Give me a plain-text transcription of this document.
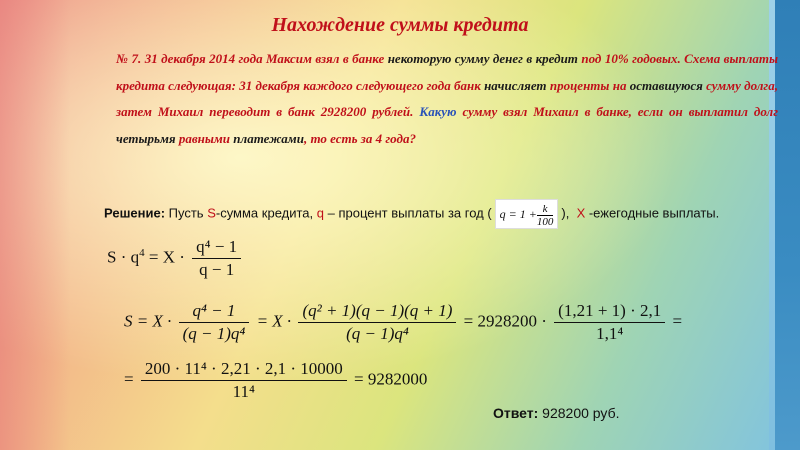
Нахождение суммы кредита
№ 7. 31 декабря 2014 года Максим взял в банке некоторую сумму денег в кредит под 10% годовых. Схема выплаты кредита следующая: 31 декабря каждого следующего года банк начисляет проценты на оставшуюся сумму долга, затем Михаил переводит в банк 2928200 рублей. Какую сумму взял Михаил в банке, если он выплатил долг четырьмя равными платежами, то есть за 4 года?
Решение: Пусть S-сумма кредита, q – процент выплаты за год ( $q = 1 + \frac{k}{100}$ ), X -ежегодные выплаты.
$S \cdot q^4 = X \cdot \frac{\text{q⁴ − 1}}{q - 1}$
$S = X \cdot \frac{\text{q⁴ − 1}}{\text{(q − 1)q⁴}} = X \cdot \frac{\text{(q² + 1)(q − 1)(q + 1)}}{\text{(q − 1)q⁴}} = 2928200 \cdot \frac{(1,21 + 1) \cdot 2,1}{\text{1,1⁴}}$ =
= $\frac{\text{200 · 11⁴ · 2,21 · 2,1 · 10000}}{\text{11⁴}} = 9282000$
Ответ: 928200 руб.
